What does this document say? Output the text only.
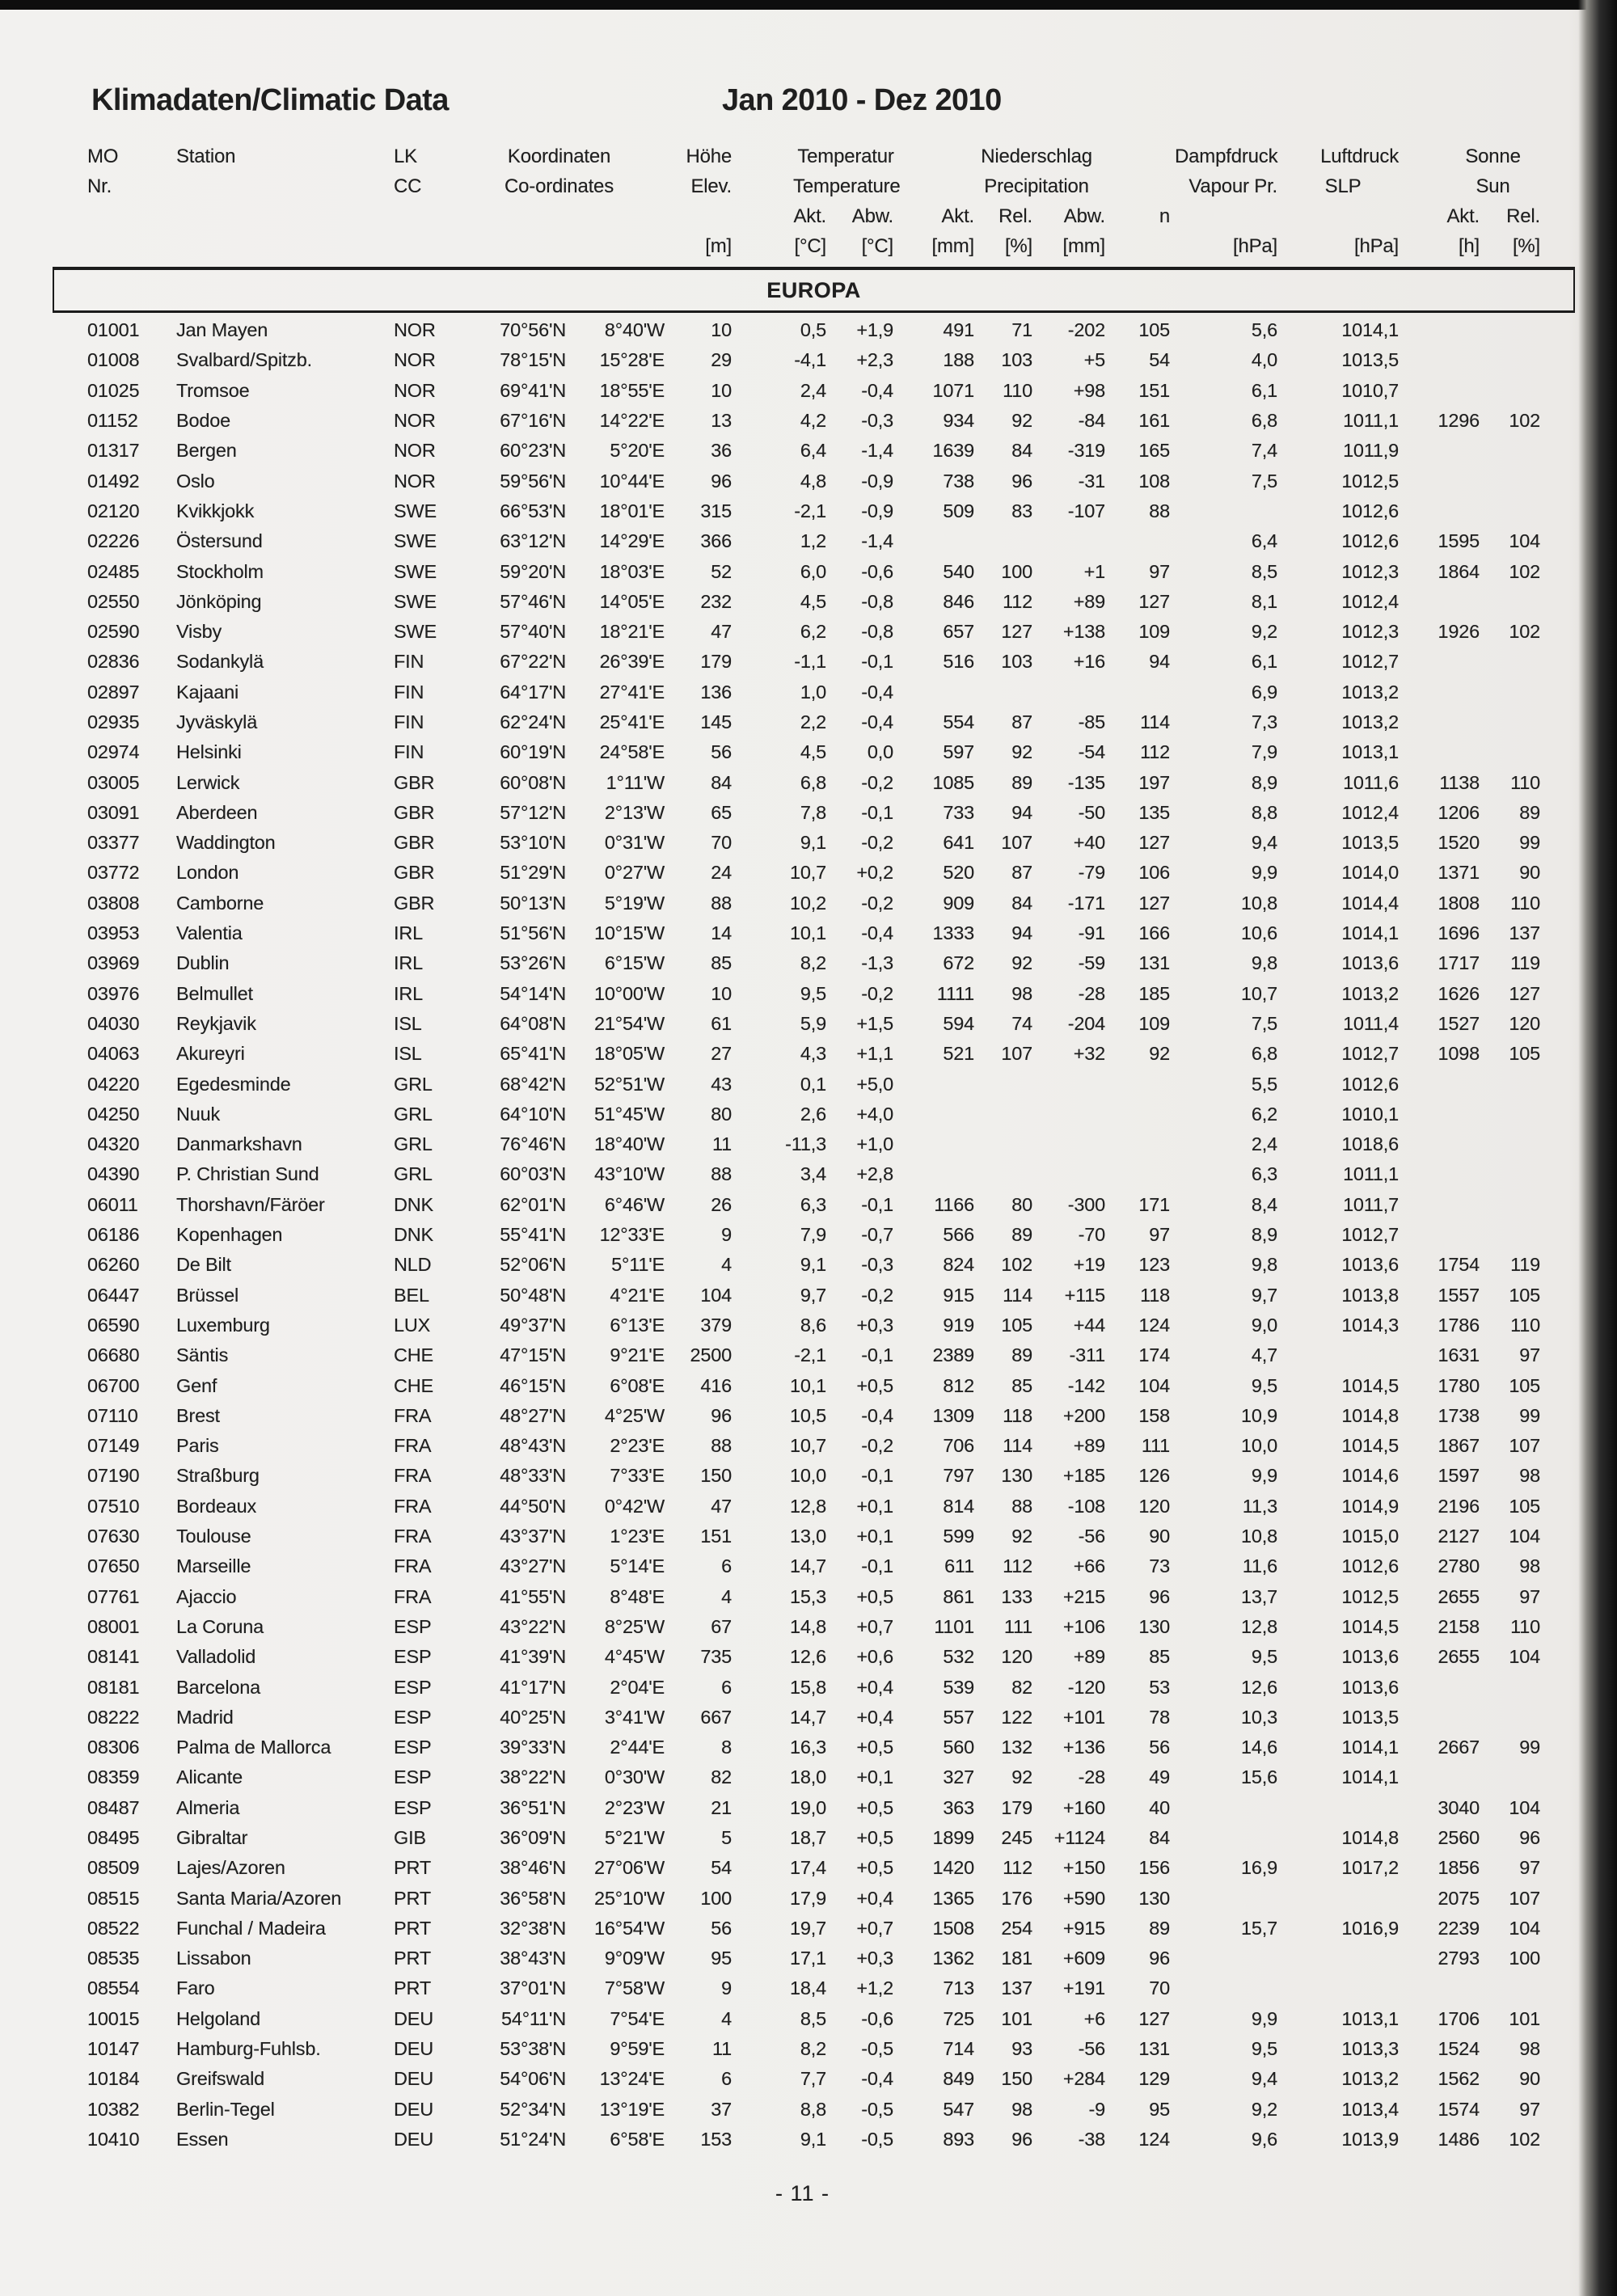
Klimadaten/Climatic Data	Jan 2010 - Dez 2010
MO	Station	LK	Koordinaten	Höhe	Temperatur		Niederschlag				Dampfdruck	Luftdruck	Sonne	
Nr.		CC	Co-ordinates	Elev.	Temperature		Precipitation				Vapour Pr.	SLP	Sun	
					Akt.	Abw.	Akt.	Rel.	Abw.	n			Akt.	Rel.
				[m]	[°C]	[°C]	[mm]	[%]	[mm]		[hPa]	[hPa]	[h]	[%]
EUROPA
01001	Jan Mayen	NOR	70°56'N	8°40'W	10	0,5	+1,9	491	71	-202	105	5,6	1014,1		
01008	Svalbard/Spitzb.	NOR	78°15'N	15°28'E	29	-4,1	+2,3	188	103	+5	54	4,0	1013,5		
01025	Tromsoe	NOR	69°41'N	18°55'E	10	2,4	-0,4	1071	110	+98	151	6,1	1010,7		
01152	Bodoe	NOR	67°16'N	14°22'E	13	4,2	-0,3	934	92	-84	161	6,8	1011,1	1296	102
01317	Bergen	NOR	60°23'N	5°20'E	36	6,4	-1,4	1639	84	-319	165	7,4	1011,9		
01492	Oslo	NOR	59°56'N	10°44'E	96	4,8	-0,9	738	96	-31	108	7,5	1012,5		
02120	Kvikkjokk	SWE	66°53'N	18°01'E	315	-2,1	-0,9	509	83	-107	88		1012,6		
02226	Östersund	SWE	63°12'N	14°29'E	366	1,2	-1,4					6,4	1012,6	1595	104
02485	Stockholm	SWE	59°20'N	18°03'E	52	6,0	-0,6	540	100	+1	97	8,5	1012,3	1864	102
02550	Jönköping	SWE	57°46'N	14°05'E	232	4,5	-0,8	846	112	+89	127	8,1	1012,4		
02590	Visby	SWE	57°40'N	18°21'E	47	6,2	-0,8	657	127	+138	109	9,2	1012,3	1926	102
02836	Sodankylä	FIN	67°22'N	26°39'E	179	-1,1	-0,1	516	103	+16	94	6,1	1012,7		
02897	Kajaani	FIN	64°17'N	27°41'E	136	1,0	-0,4					6,9	1013,2		
02935	Jyväskylä	FIN	62°24'N	25°41'E	145	2,2	-0,4	554	87	-85	114	7,3	1013,2		
02974	Helsinki	FIN	60°19'N	24°58'E	56	4,5	0,0	597	92	-54	112	7,9	1013,1		
03005	Lerwick	GBR	60°08'N	1°11'W	84	6,8	-0,2	1085	89	-135	197	8,9	1011,6	1138	110
03091	Aberdeen	GBR	57°12'N	2°13'W	65	7,8	-0,1	733	94	-50	135	8,8	1012,4	1206	89
03377	Waddington	GBR	53°10'N	0°31'W	70	9,1	-0,2	641	107	+40	127	9,4	1013,5	1520	99
03772	London	GBR	51°29'N	0°27'W	24	10,7	+0,2	520	87	-79	106	9,9	1014,0	1371	90
03808	Camborne	GBR	50°13'N	5°19'W	88	10,2	-0,2	909	84	-171	127	10,8	1014,4	1808	110
03953	Valentia	IRL	51°56'N	10°15'W	14	10,1	-0,4	1333	94	-91	166	10,6	1014,1	1696	137
03969	Dublin	IRL	53°26'N	6°15'W	85	8,2	-1,3	672	92	-59	131	9,8	1013,6	1717	119
03976	Belmullet	IRL	54°14'N	10°00'W	10	9,5	-0,2	1111	98	-28	185	10,7	1013,2	1626	127
04030	Reykjavik	ISL	64°08'N	21°54'W	61	5,9	+1,5	594	74	-204	109	7,5	1011,4	1527	120
04063	Akureyri	ISL	65°41'N	18°05'W	27	4,3	+1,1	521	107	+32	92	6,8	1012,7	1098	105
04220	Egedesminde	GRL	68°42'N	52°51'W	43	0,1	+5,0					5,5	1012,6		
04250	Nuuk	GRL	64°10'N	51°45'W	80	2,6	+4,0					6,2	1010,1		
04320	Danmarkshavn	GRL	76°46'N	18°40'W	11	-11,3	+1,0					2,4	1018,6		
04390	P. Christian Sund	GRL	60°03'N	43°10'W	88	3,4	+2,8					6,3	1011,1		
06011	Thorshavn/Färöer	DNK	62°01'N	6°46'W	26	6,3	-0,1	1166	80	-300	171	8,4	1011,7		
06186	Kopenhagen	DNK	55°41'N	12°33'E	9	7,9	-0,7	566	89	-70	97	8,9	1012,7		
06260	De Bilt	NLD	52°06'N	5°11'E	4	9,1	-0,3	824	102	+19	123	9,8	1013,6	1754	119
06447	Brüssel	BEL	50°48'N	4°21'E	104	9,7	-0,2	915	114	+115	118	9,7	1013,8	1557	105
06590	Luxemburg	LUX	49°37'N	6°13'E	379	8,6	+0,3	919	105	+44	124	9,0	1014,3	1786	110
06680	Säntis	CHE	47°15'N	9°21'E	2500	-2,1	-0,1	2389	89	-311	174	4,7		1631	97
06700	Genf	CHE	46°15'N	6°08'E	416	10,1	+0,5	812	85	-142	104	9,5	1014,5	1780	105
07110	Brest	FRA	48°27'N	4°25'W	96	10,5	-0,4	1309	118	+200	158	10,9	1014,8	1738	99
07149	Paris	FRA	48°43'N	2°23'E	88	10,7	-0,2	706	114	+89	111	10,0	1014,5	1867	107
07190	Straßburg	FRA	48°33'N	7°33'E	150	10,0	-0,1	797	130	+185	126	9,9	1014,6	1597	98
07510	Bordeaux	FRA	44°50'N	0°42'W	47	12,8	+0,1	814	88	-108	120	11,3	1014,9	2196	105
07630	Toulouse	FRA	43°37'N	1°23'E	151	13,0	+0,1	599	92	-56	90	10,8	1015,0	2127	104
07650	Marseille	FRA	43°27'N	5°14'E	6	14,7	-0,1	611	112	+66	73	11,6	1012,6	2780	98
07761	Ajaccio	FRA	41°55'N	8°48'E	4	15,3	+0,5	861	133	+215	96	13,7	1012,5	2655	97
08001	La Coruna	ESP	43°22'N	8°25'W	67	14,8	+0,7	1101	111	+106	130	12,8	1014,5	2158	110
08141	Valladolid	ESP	41°39'N	4°45'W	735	12,6	+0,6	532	120	+89	85	9,5	1013,6	2655	104
08181	Barcelona	ESP	41°17'N	2°04'E	6	15,8	+0,4	539	82	-120	53	12,6	1013,6		
08222	Madrid	ESP	40°25'N	3°41'W	667	14,7	+0,4	557	122	+101	78	10,3	1013,5		
08306	Palma de Mallorca	ESP	39°33'N	2°44'E	8	16,3	+0,5	560	132	+136	56	14,6	1014,1	2667	99
08359	Alicante	ESP	38°22'N	0°30'W	82	18,0	+0,1	327	92	-28	49	15,6	1014,1		
08487	Almeria	ESP	36°51'N	2°23'W	21	19,0	+0,5	363	179	+160	40			3040	104
08495	Gibraltar	GIB	36°09'N	5°21'W	5	18,7	+0,5	1899	245	+1124	84		1014,8	2560	96
08509	Lajes/Azoren	PRT	38°46'N	27°06'W	54	17,4	+0,5	1420	112	+150	156	16,9	1017,2	1856	97
08515	Santa Maria/Azoren	PRT	36°58'N	25°10'W	100	17,9	+0,4	1365	176	+590	130			2075	107
08522	Funchal / Madeira	PRT	32°38'N	16°54'W	56	19,7	+0,7	1508	254	+915	89	15,7	1016,9	2239	104
08535	Lissabon	PRT	38°43'N	9°09'W	95	17,1	+0,3	1362	181	+609	96			2793	100
08554	Faro	PRT	37°01'N	7°58'W	9	18,4	+1,2	713	137	+191	70				
10015	Helgoland	DEU	54°11'N	7°54'E	4	8,5	-0,6	725	101	+6	127	9,9	1013,1	1706	101
10147	Hamburg-Fuhlsb.	DEU	53°38'N	9°59'E	11	8,2	-0,5	714	93	-56	131	9,5	1013,3	1524	98
10184	Greifswald	DEU	54°06'N	13°24'E	6	7,7	-0,4	849	150	+284	129	9,4	1013,2	1562	90
10382	Berlin-Tegel	DEU	52°34'N	13°19'E	37	8,8	-0,5	547	98	-9	95	9,2	1013,4	1574	97
10410	Essen	DEU	51°24'N	6°58'E	153	9,1	-0,5	893	96	-38	124	9,6	1013,9	1486	102
- 11 -
